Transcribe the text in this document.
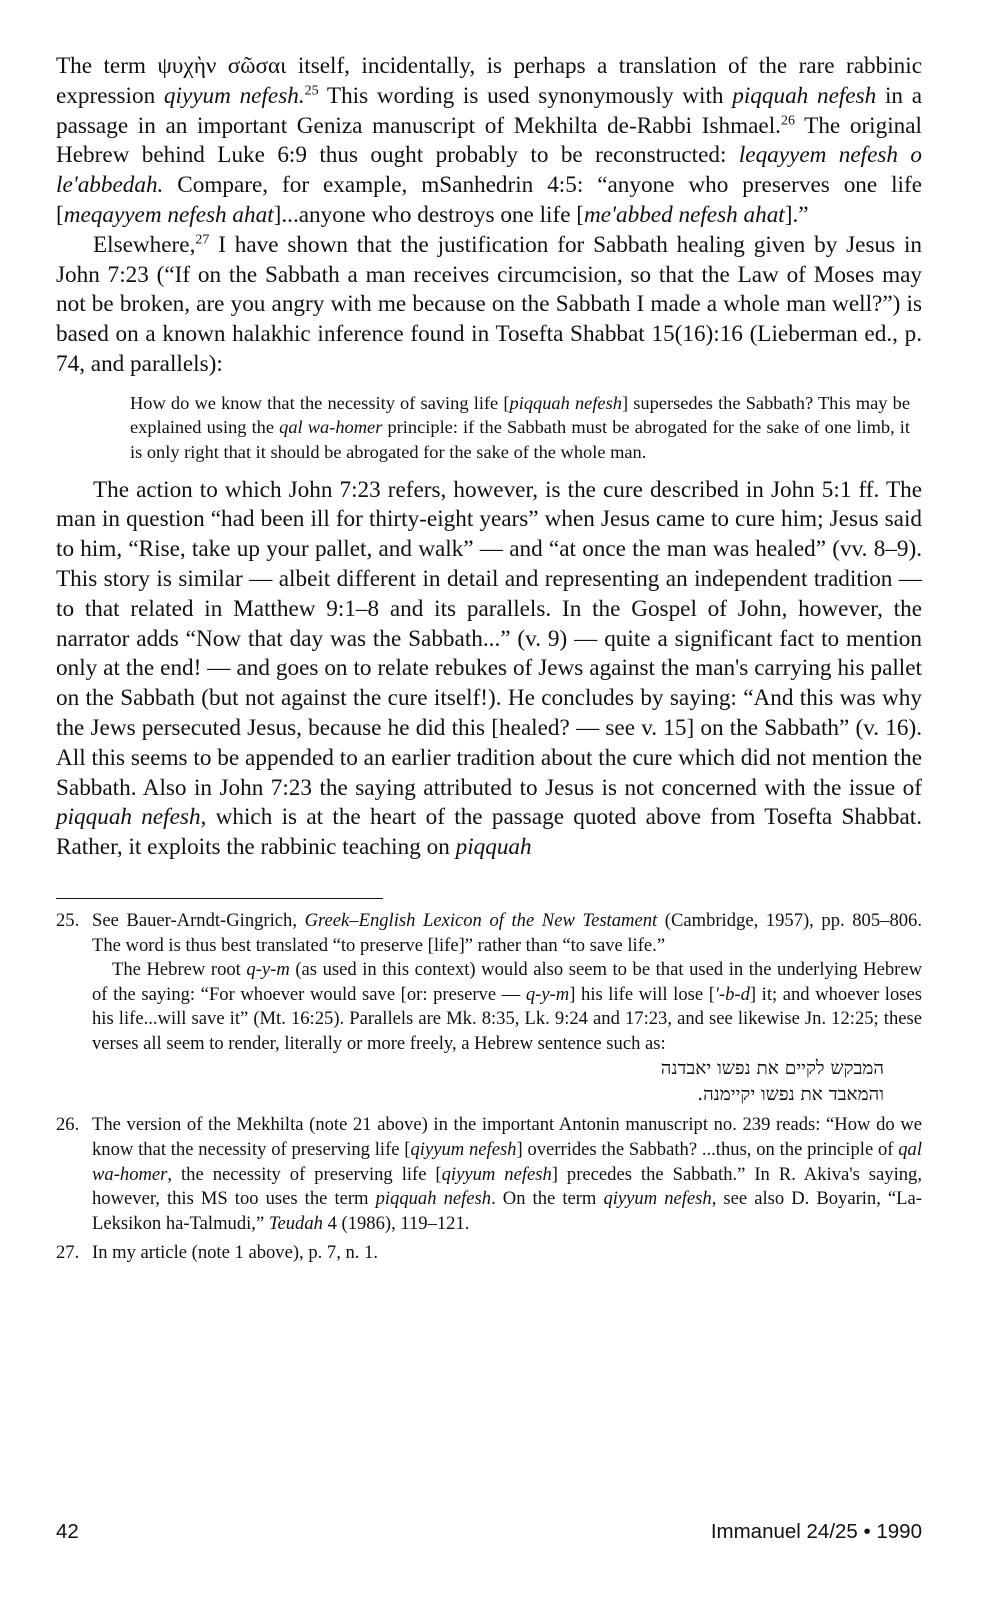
The term ψυχὴν σῶσαι itself, incidentally, is perhaps a translation of the rare rabbinic expression qiyyum nefesh.$^{25}$ This wording is used synonymously with piqquah nefesh in a passage in an important Geniza manuscript of Mekhilta de-Rabbi Ishmael.$^{26}$ The original Hebrew behind Luke 6:9 thus ought probably to be reconstructed: leqayyem nefesh o le'abbedah. Compare, for example, mSanhedrin 4:5: “anyone who preserves one life [meqayyem nefesh ahat]...anyone who destroys one life [me'abbed nefesh ahat].”

Elsewhere,$^{27}$ I have shown that the justification for Sabbath healing given by Jesus in John 7:23 (“If on the Sabbath a man receives circumcision, so that the Law of Moses may not be broken, are you angry with me because on the Sabbath I made a whole man well?”) is based on a known halakhic inference found in Tosefta Shabbat 15(16):16 (Lieberman ed., p. 74, and parallels):

How do we know that the necessity of saving life [piqquah nefesh] supersedes the Sabbath? This may be explained using the qal wa-homer principle: if the Sabbath must be abrogated for the sake of one limb, it is only right that it should be abrogated for the sake of the whole man.

The action to which John 7:23 refers, however, is the cure described in John 5:1 ff. The man in question “had been ill for thirty-eight years” when Jesus came to cure him; Jesus said to him, “Rise, take up your pallet, and walk” — and “at once the man was healed” (vv. 8–9). This story is similar — albeit different in detail and representing an independent tradition — to that related in Matthew 9:1–8 and its parallels. In the Gospel of John, however, the narrator adds “Now that day was the Sabbath...” (v. 9) — quite a significant fact to mention only at the end! — and goes on to relate rebukes of Jews against the man's carrying his pallet on the Sabbath (but not against the cure itself!). He concludes by saying: “And this was why the Jews persecuted Jesus, because he did this [healed? — see v. 15] on the Sabbath” (v. 16). All this seems to be appended to an earlier tradition about the cure which did not mention the Sabbath. Also in John 7:23 the saying attributed to Jesus is not concerned with the issue of piqquah nefesh, which is at the heart of the passage quoted above from Tosefta Shabbat. Rather, it exploits the rabbinic teaching on piqquah

25. See Bauer-Arndt-Gingrich, Greek–English Lexicon of the New Testament (Cambridge, 1957), pp. 805–806. The word is thus best translated “to preserve [life]” rather than “to save life.”

The Hebrew root q-y-m (as used in this context) would also seem to be that used in the underlying Hebrew of the saying: “For whoever would save [or: preserve — q-y-m] his life will lose ['-b-d] it; and whoever loses his life...will save it” (Mt. 16:25). Parallels are Mk. 8:35, Lk. 9:24 and 17:23, and see likewise Jn. 12:25; these verses all seem to render, literally or more freely, a Hebrew sentence such as:

המבקש לקיים את נפשו יאבדנה

והמאבד את נפשו יקיימנה.

26. The version of the Mekhilta (note 21 above) in the important Antonin manuscript no. 239 reads: “How do we know that the necessity of preserving life [qiyyum nefesh] overrides the Sabbath? ...thus, on the principle of qal wa-homer, the necessity of preserving life [qiyyum nefesh] precedes the Sabbath.” In R. Akiva's saying, however, this MS too uses the term piqquah nefesh. On the term qiyyum nefesh, see also D. Boyarin, “La-Leksikon ha-Talmudi,” Teudah 4 (1986), 119–121.

27. In my article (note 1 above), p. 7, n. 1.

42	Immanuel 24/25 • 1990
